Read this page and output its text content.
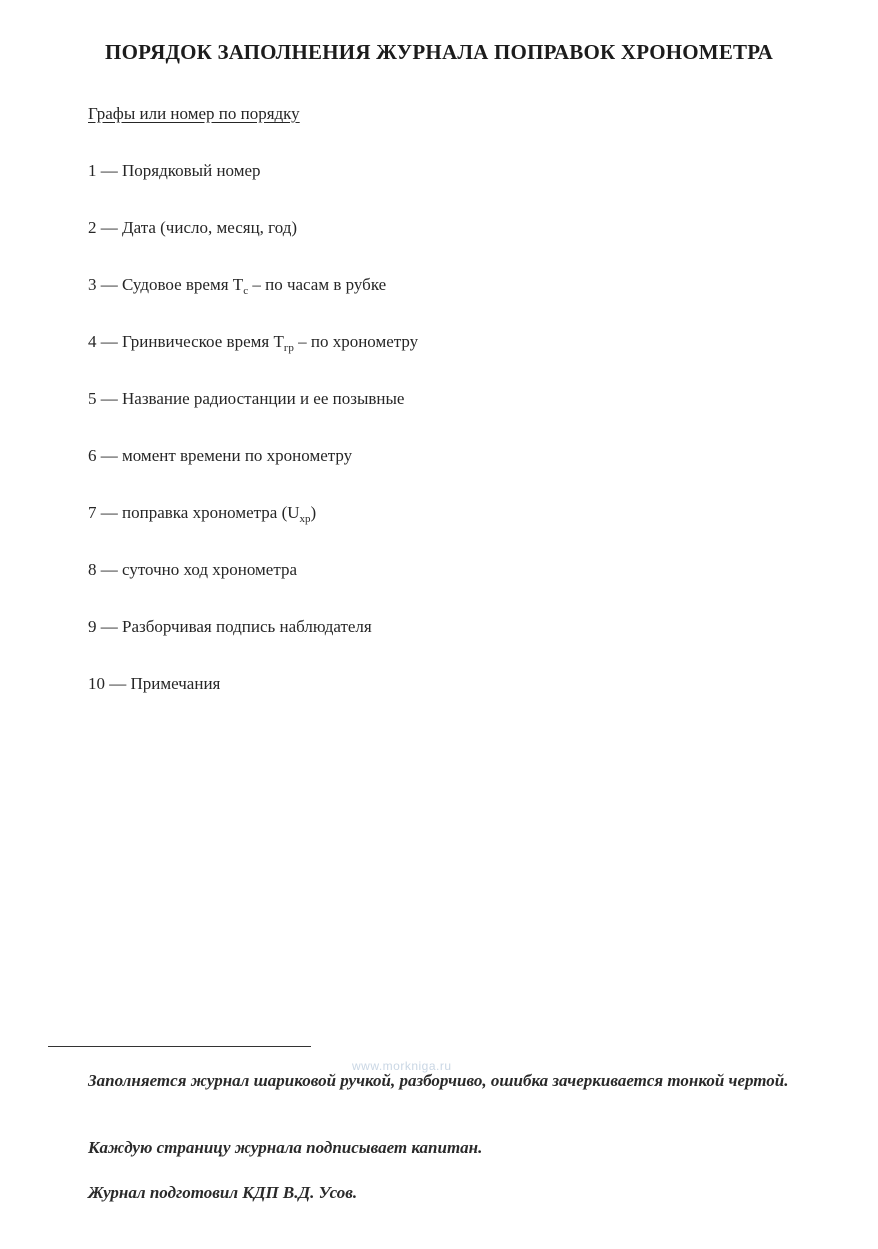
ПОРЯДОК ЗАПОЛНЕНИЯ ЖУРНАЛА ПОПРАВОК ХРОНОМЕТРА
Графы или номер по порядку
1 — Порядковый номер
2 — Дата (число, месяц, год)
3 — Судовое время $T_с$ – по часам в рубке
4 — Гринвическое время $T_{гр}$ – по хронометру
5 — Название радиостанции и ее позывные
6 — момент времени по хронометру
7 — поправка хронометра $(U_{хр})$
8 — суточно ход хронометра
9 — Разборчивая подпись наблюдателя
10 — Примечания
www.morkniga.ru

Заполняется журнал шариковой ручкой, разборчиво, ошибка зачеркивается тонкой чертой.

Каждую страницу журнала подписывает капитан.

Журнал подготовил КДП В.Д. Усов.
